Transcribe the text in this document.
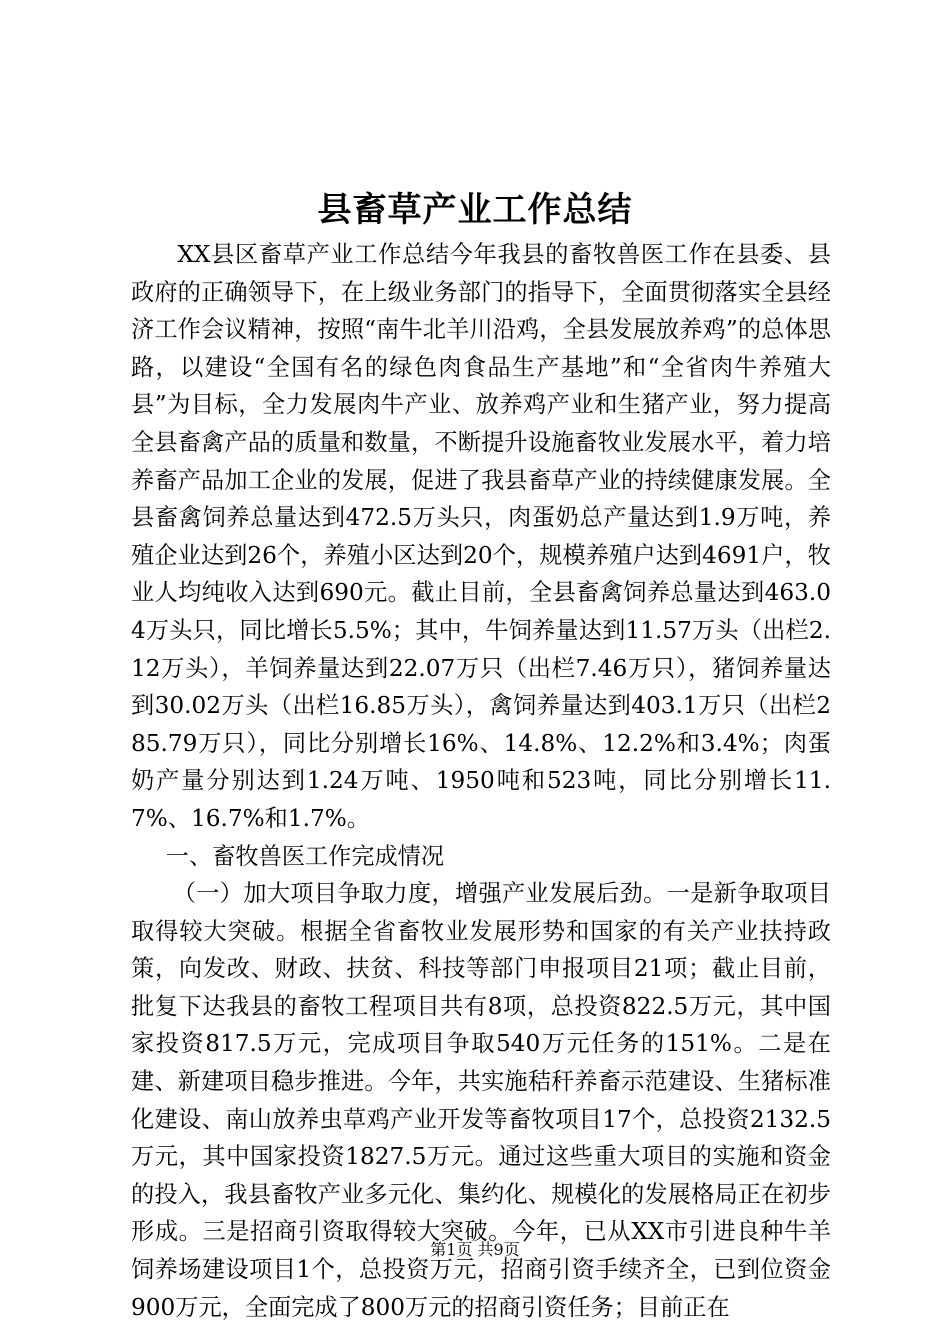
县畜草产业工作总结

XX县区畜草产业工作总结今年我县的畜牧兽医工作在县委、县政府的正确领导下，在上级业务部门的指导下，全面贯彻落实全县经济工作会议精神，按照“南牛北羊川沿鸡，全县发展放养鸡”的总体思路，以建设“全国有名的绿色肉食品生产基地”和“全省肉牛养殖大县”为目标，全力发展肉牛产业、放养鸡产业和生猪产业，努力提高全县畜禽产品的质量和数量，不断提升设施畜牧业发展水平，着力培养畜产品加工企业的发展，促进了我县畜草产业的持续健康发展。全县畜禽饲养总量达到472.5万头只，肉蛋奶总产量达到1.9万吨，养殖企业达到26个，养殖小区达到20个，规模养殖户达到4691户，牧业人均纯收入达到690元。截止目前，全县畜禽饲养总量达到463.04万头只，同比增长5.5%；其中，牛饲养量达到11.57万头（出栏2.12万头），羊饲养量达到22.07万只（出栏7.46万只），猪饲养量达到30.02万头（出栏16.85万头），禽饲养量达到403.1万只（出栏285.79万只），同比分别增长16%、14.8%、12.2%和3.4%；肉蛋奶产量分别达到1.24万吨、1950吨和523吨，同比分别增长11.7%、16.7%和1.7%。

一、畜牧兽医工作完成情况

（一）加大项目争取力度，增强产业发展后劲。一是新争取项目取得较大突破。根据全省畜牧业发展形势和国家的有关产业扶持政策，向发改、财政、扶贫、科技等部门申报项目21项；截止目前，批复下达我县的畜牧工程项目共有8项，总投资822.5万元，其中国家投资817.5万元，完成项目争取540万元任务的151%。二是在建、新建项目稳步推进。今年，共实施秸秆养畜示范建设、生猪标准化建设、南山放养虫草鸡产业开发等畜牧项目17个，总投资2132.5万元，其中国家投资1827.5万元。通过这些重大项目的实施和资金的投入，我县畜牧产业多元化、集约化、规模化的发展格局正在初步形成。三是招商引资取得较大突破。今年，已从XX市引进良种牛羊饲养场建设项目1个，总投资万元，招商引资手续齐全，已到位资金900万元，全面完成了800万元的招商引资任务；目前正在

第1页 共9页
